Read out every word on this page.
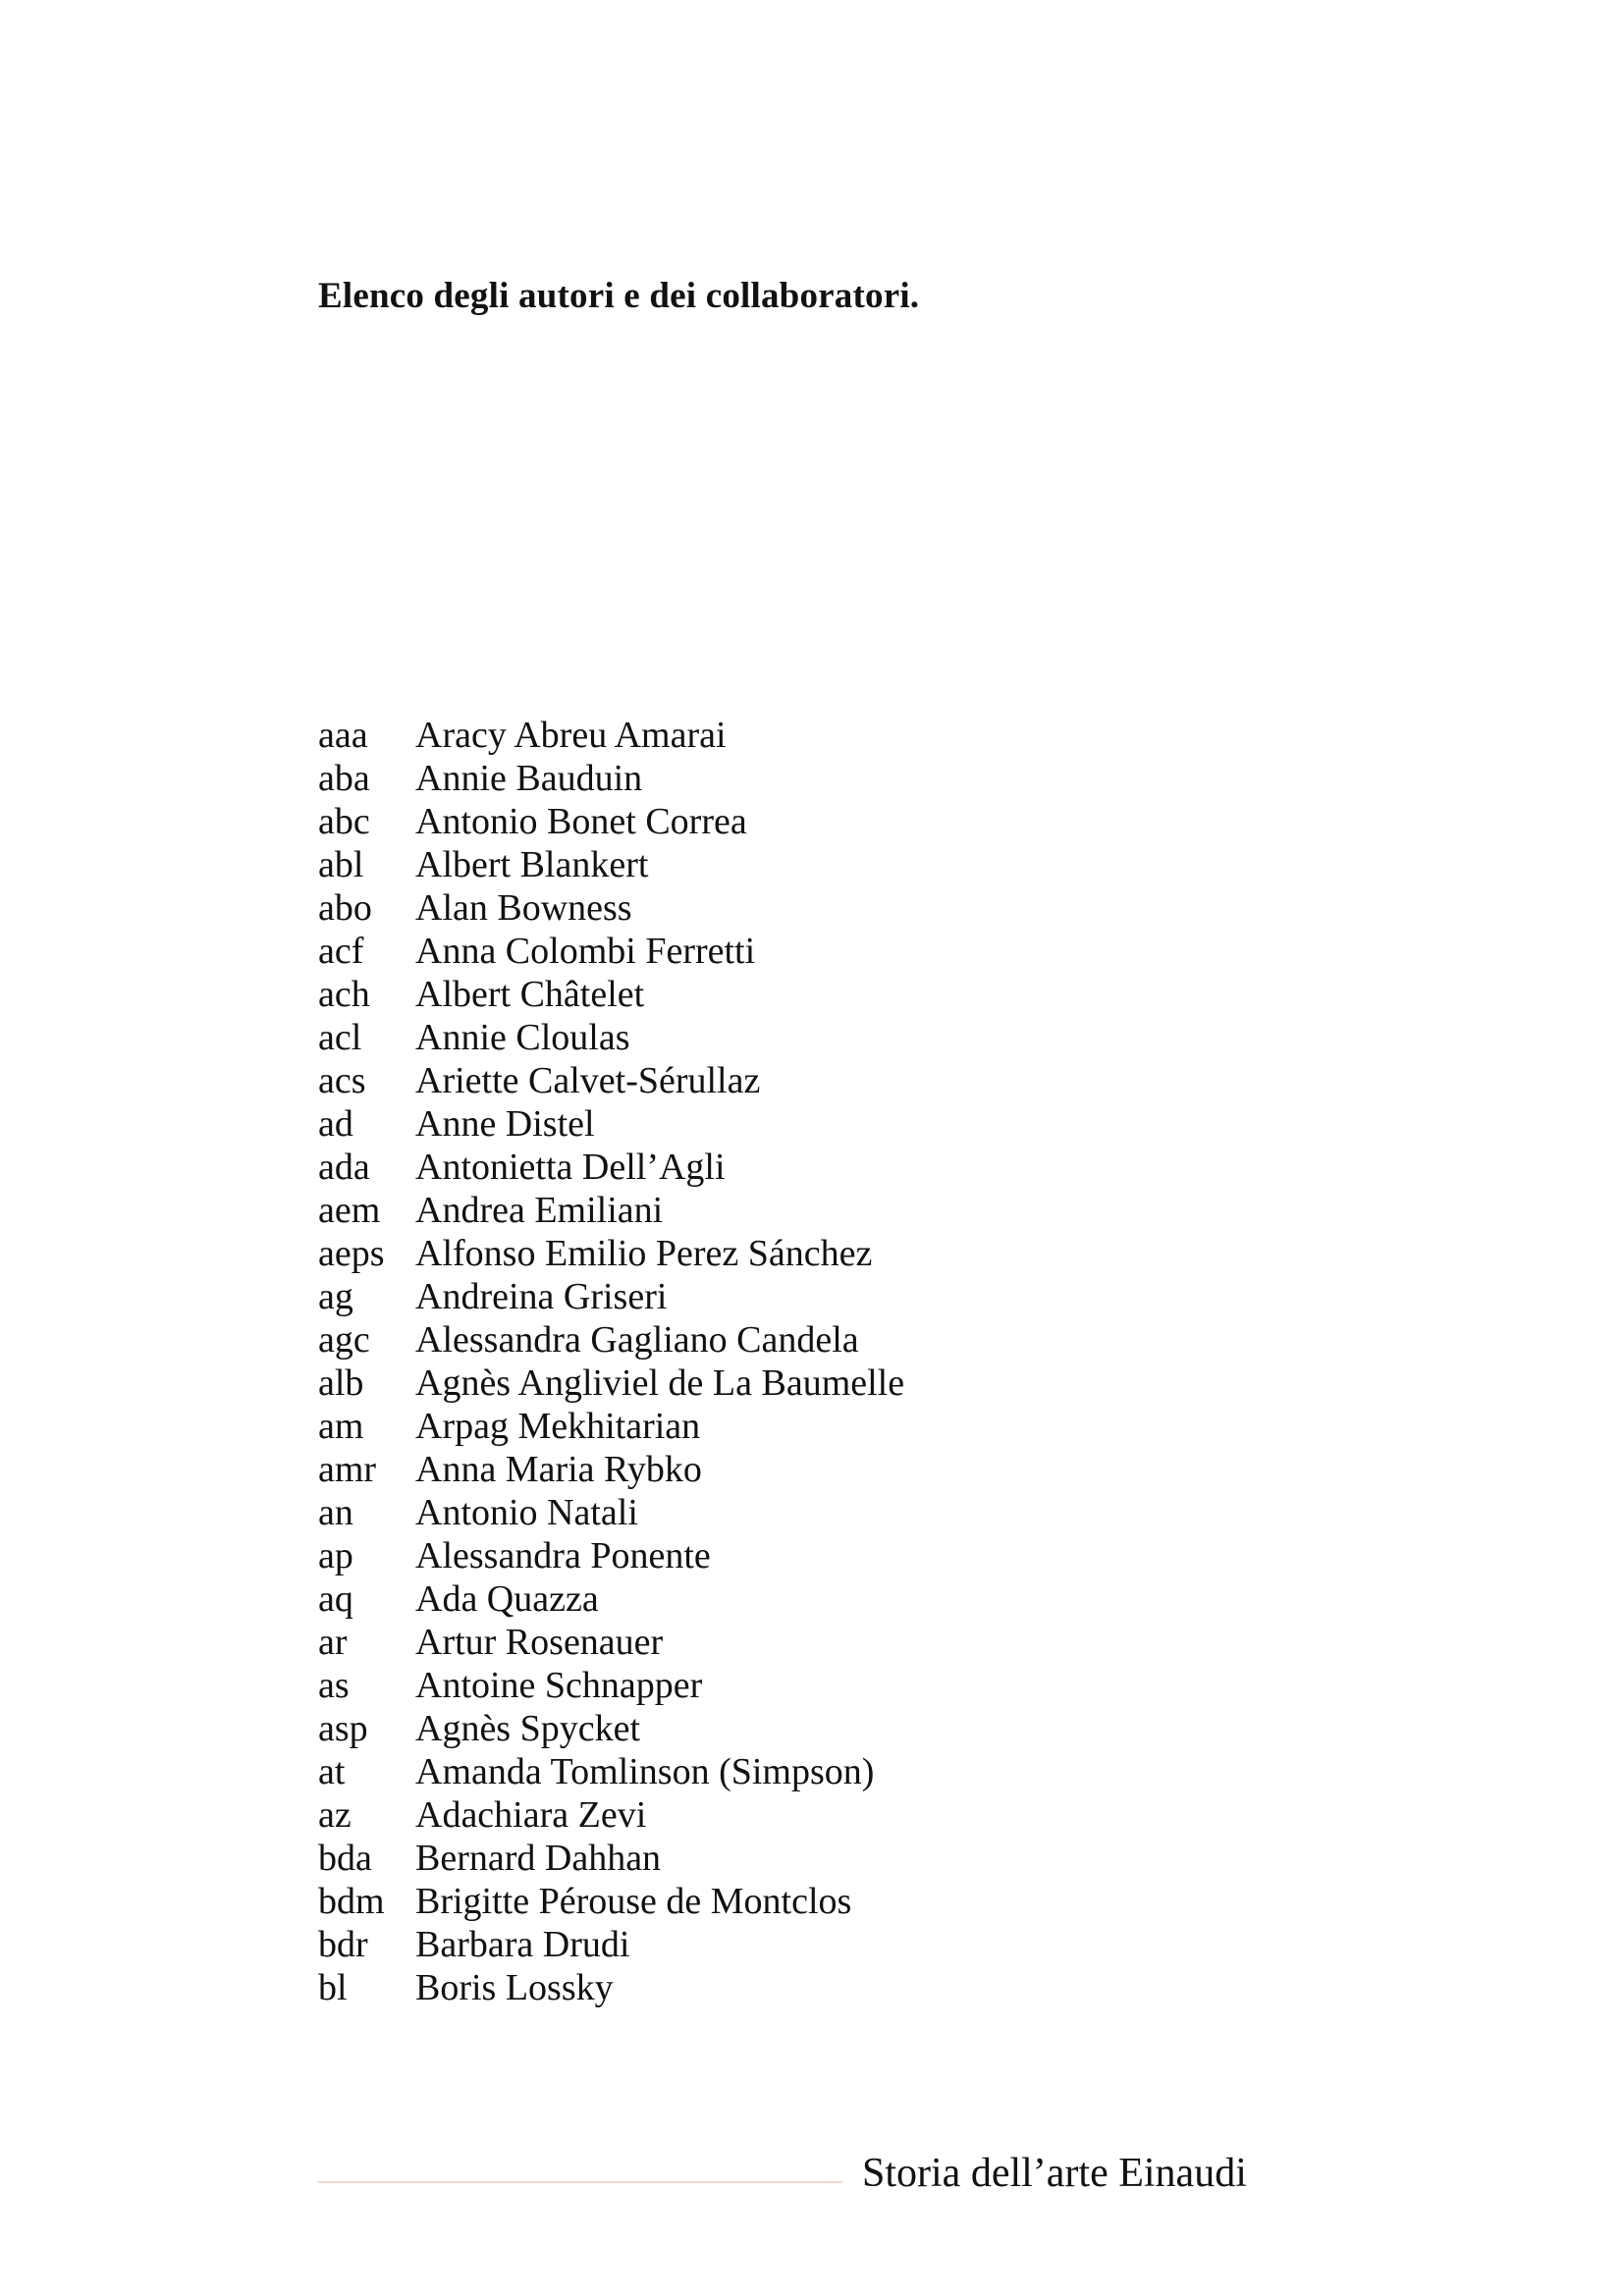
Elenco degli autori e dei collaboratori.
aaa	Aracy Abreu Amarai
aba	Annie Bauduin
abc	Antonio Bonet Correa
abl	Albert Blankert
abo	Alan Bowness
acf	Anna Colombi Ferretti
ach	Albert Châtelet
acl	Annie Cloulas
acs	Ariette Calvet-Sérullaz
ad	Anne Distel
ada	Antonietta Dell’Agli
aem Andrea Emiliani
aeps Alfonso Emilio Perez Sánchez
ag	Andreina Griseri
agc	Alessandra Gagliano Candela
alb	Agnès Angliviel de La Baumelle
am	Arpag Mekhitarian
amr	Anna Maria Rybko
an	Antonio Natali
ap	Alessandra Ponente
aq	Ada Quazza
ar	Artur Rosenauer
as	Antoine Schnapper
asp	Agnès Spycket
at	Amanda Tomlinson (Simpson)
az	Adachiara Zevi
bda	Bernard Dahhan
bdm Brigitte Pérouse de Montclos
bdr	Barbara Drudi
bl	Boris Lossky

Storia dell’arte Einaudi
